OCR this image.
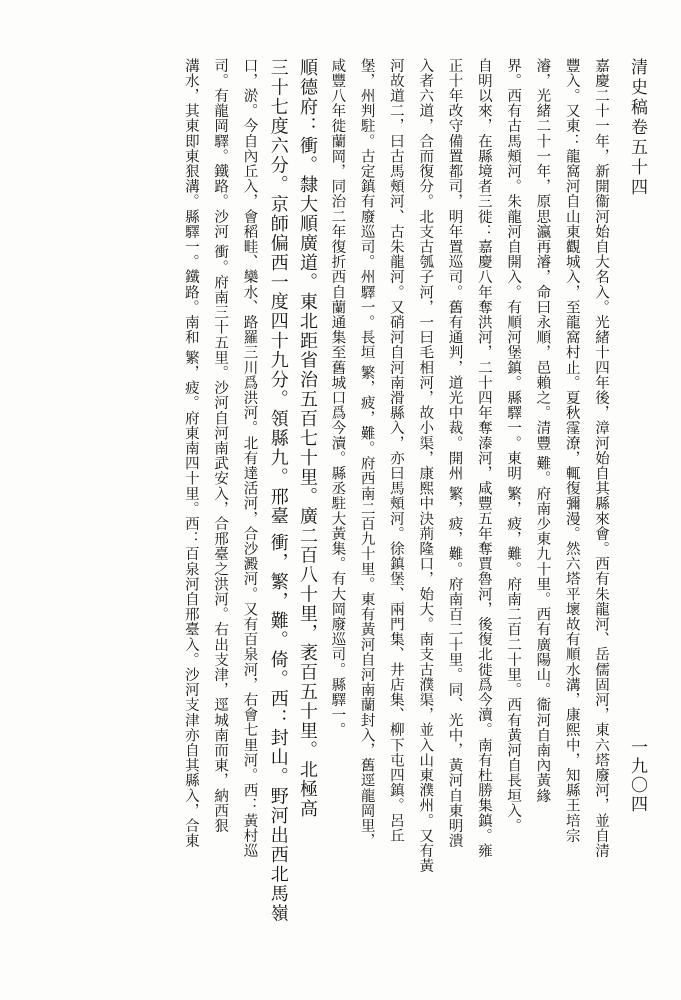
清史稿卷五十四
一九〇四
嘉慶二十一年，新開衞河始自大名入。光緒十四年後，漳河始自其縣來會。西有朱龍河、岳儒固河，東六塔廢河，並自清
豐入。又東：龍窩河自山東觀城入，至龍窩村止。夏秋霪潦，輒復彌漫。然六塔平壞故有順水溝，康熙中，知縣王培宗
濬，光緒二十一年，原思瀛再濬，命曰永順，邑賴之。清豐 難。府南少東九十里。西有廣陽山。衞河自南內黃緣
界。西有古馬頰河。朱龍河自開入。有順河堡鎮。縣驛一。東明 繁，疲，難。府南二百二十里。西有黃河自長垣入。
自明以來，在縣境者三徙：嘉慶八年奪洪河，二十四年奪溙河，咸豐五年奪賈魯河，後復北徙爲今瀆。南有杜勝集鎮。雍
正十年改守備置都司，明年置巡司。舊有通判，道光中裁。開州 繁，疲，難。府南百二十里。同、光中，黃河自東明潰
入者六道，合而復分。北支古瓠子河，一曰毛相河，故小渠，康熙中決荊隆口，始大。南支古濮渠，並入山東濮州。又有黃
河故道二，曰古馬頰河、古朱龍河。又硝河自河南滑縣入，亦曰馬頰河。徐鎮堡、兩門集、井店集、柳下屯四鎮。呂丘
堡，州判駐。古定鎮有廢巡司。州驛一。長垣 繁，疲，難。府西南二百九十里。東有黃河自河南蘭封入，舊逕龍岡里，
咸豐八年徙蘭岡，同治二年復折西自蘭通集至舊城口爲今瀆。縣丞駐大黃集。有大岡廢巡司。縣驛一。
順德府：衝。隸大順廣道。東北距省治五百七十里。廣二百八十里，袤百五十里。北極高
三十七度六分。京師偏西一度四十九分。領縣九。邢臺 衝，繁，難。倚。西：封山。野河出西北馬嶺
口，淤。今自內丘入，會稻畦、欒水、路羅三川爲洪河。北有達活河，合沙澱河。又有百泉河，右會七里河。西：黃村巡
司。有龍岡驛。鐵路。沙河 衝。府南三十五里。沙河自河南武安入，合邢臺之洪河。右出支津，逕城南而東，納西狠
溝水，其東即東狠溝。縣驛一。鐵路。南和 繁，疲。府東南四十里。西：百泉河自邢臺入。沙河支津亦自其縣入，合東
